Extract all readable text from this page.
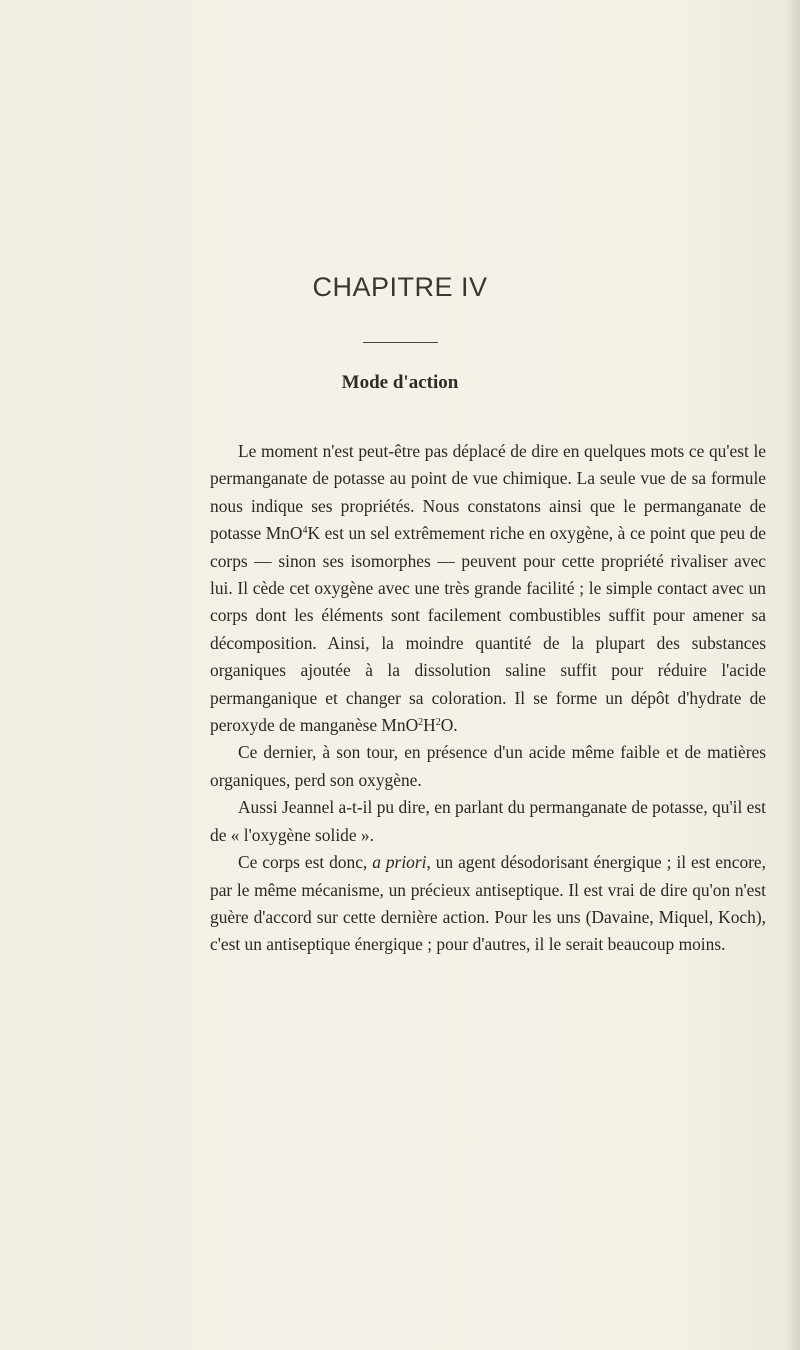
CHAPITRE IV
Mode d'action

Le moment n'est peut-être pas déplacé de dire en quelques mots ce qu'est le permanganate de potasse au point de vue chimique. La seule vue de sa formule nous indique ses propriétés. Nous constatons ainsi que le permanganate de potasse MnO$^4$K est un sel extrêmement riche en oxygène, à ce point que peu de corps — sinon ses isomorphes — peuvent pour cette propriété rivaliser avec lui. Il cède cet oxygène avec une très grande facilité ; le simple contact avec un corps dont les éléments sont facilement combustibles suffit pour amener sa décomposition. Ainsi, la moindre quantité de la plupart des substances organiques ajoutée à la dissolution saline suffit pour réduire l'acide permanganique et changer sa coloration. Il se forme un dépôt d'hydrate de peroxyde de manganèse $MnO^2H^2O$.

Ce dernier, à son tour, en présence d'un acide même faible et de matières organiques, perd son oxygène.

Aussi Jeannel a-t-il pu dire, en parlant du permanganate de potasse, qu'il est de « l'oxygène solide ».

Ce corps est donc, a priori, un agent désodorisant énergique ; il est encore, par le même mécanisme, un précieux antiseptique. Il est vrai de dire qu'on n'est guère d'accord sur cette dernière action. Pour les uns (Davaine, Miquel, Koch), c'est un antiseptique énergique ; pour d'autres, il le serait beaucoup moins.
